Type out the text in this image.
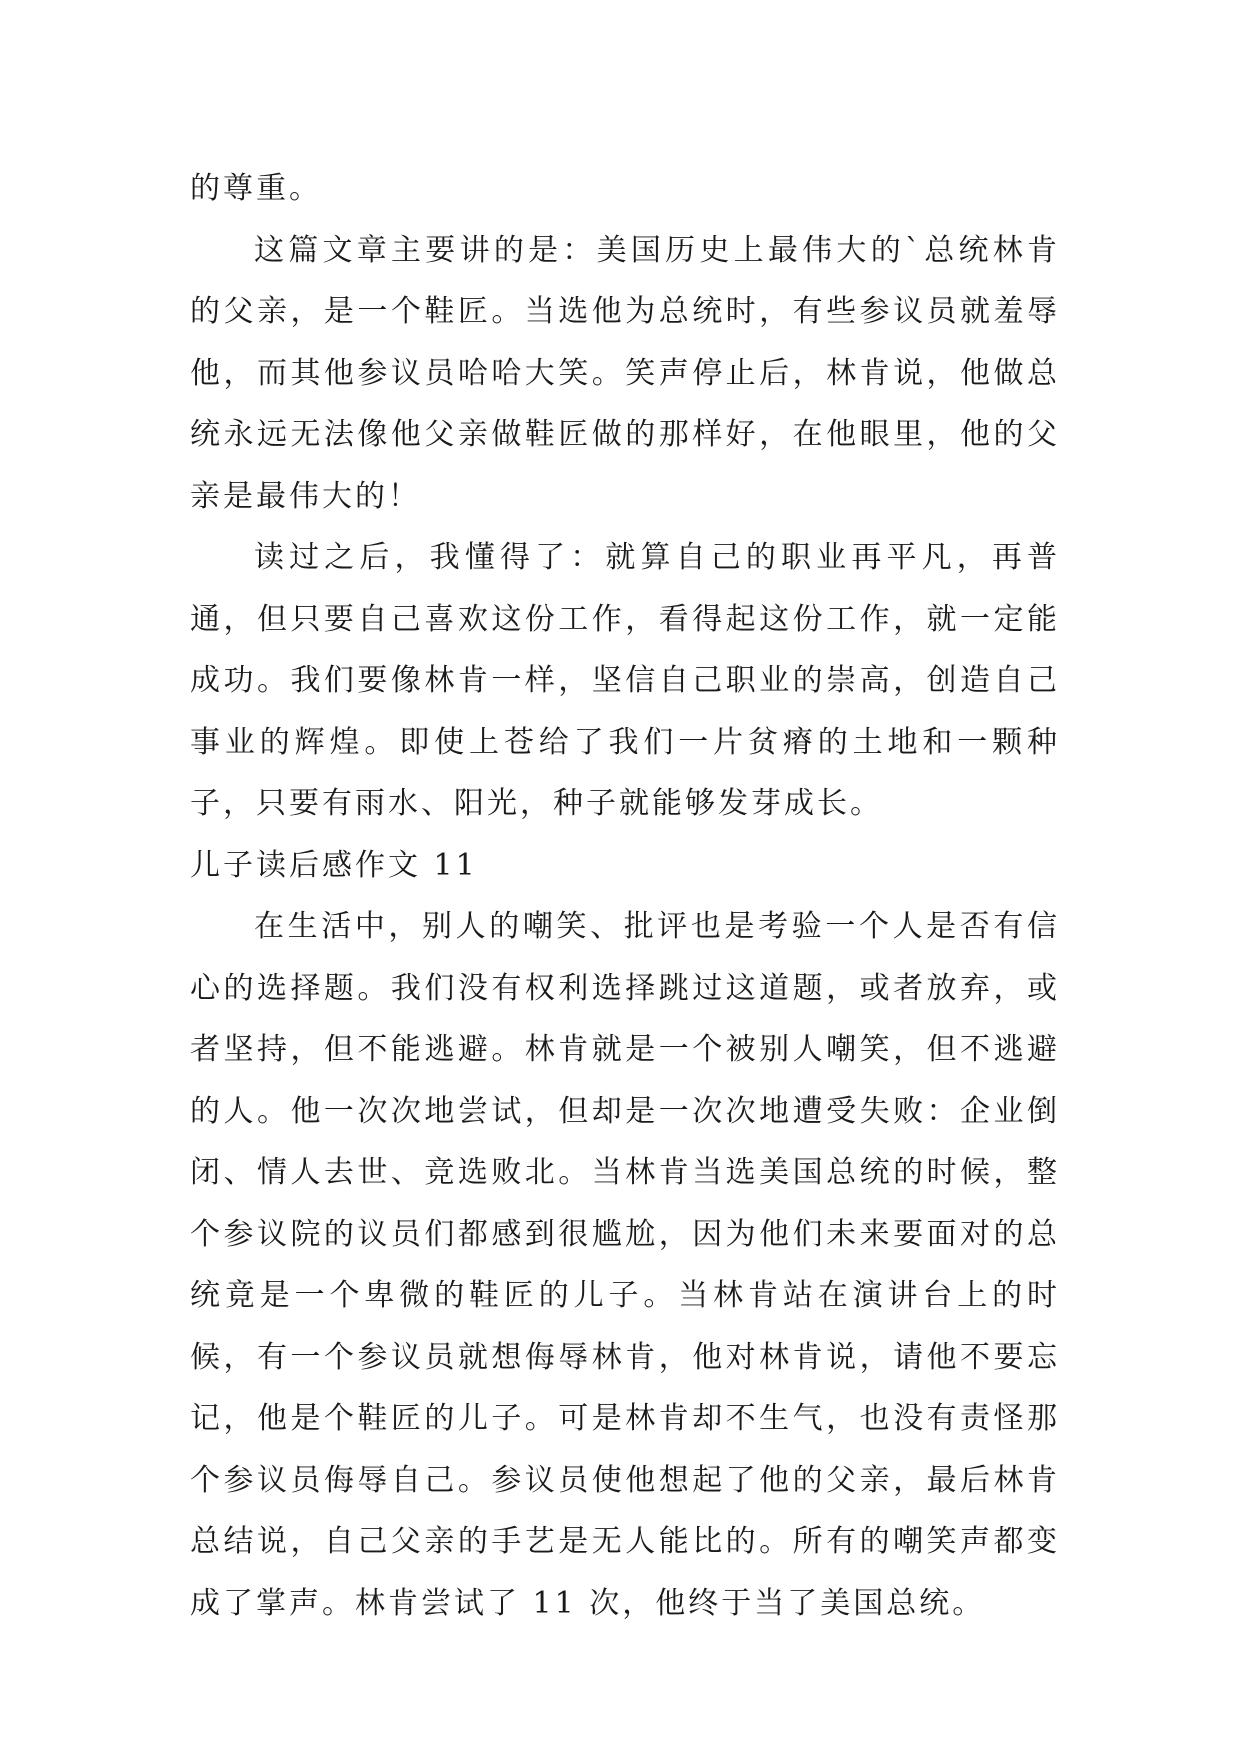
的尊重。

这篇文章主要讲的是：美国历史上最伟大的`总统林肯的父亲，是一个鞋匠。当选他为总统时，有些参议员就羞辱他，而其他参议员哈哈大笑。笑声停止后，林肯说，他做总统永远无法像他父亲做鞋匠做的那样好，在他眼里，他的父亲是最伟大的！

读过之后，我懂得了：就算自己的职业再平凡，再普通，但只要自己喜欢这份工作，看得起这份工作，就一定能成功。我们要像林肯一样，坚信自己职业的崇高，创造自己事业的辉煌。即使上苍给了我们一片贫瘠的土地和一颗种子，只要有雨水、阳光，种子就能够发芽成长。

儿子读后感作文 11

在生活中，别人的嘲笑、批评也是考验一个人是否有信心的选择题。我们没有权利选择跳过这道题，或者放弃，或者坚持，但不能逃避。林肯就是一个被别人嘲笑，但不逃避的人。他一次次地尝试，但却是一次次地遭受失败：企业倒闭、情人去世、竞选败北。当林肯当选美国总统的时候，整个参议院的议员们都感到很尴尬，因为他们未来要面对的总统竟是一个卑微的鞋匠的儿子。当林肯站在演讲台上的时候，有一个参议员就想侮辱林肯，他对林肯说，请他不要忘记，他是个鞋匠的儿子。可是林肯却不生气，也没有责怪那个参议员侮辱自己。参议员使他想起了他的父亲，最后林肯总结说，自己父亲的手艺是无人能比的。所有的嘲笑声都变成了掌声。林肯尝试了 11 次，他终于当了美国总统。
